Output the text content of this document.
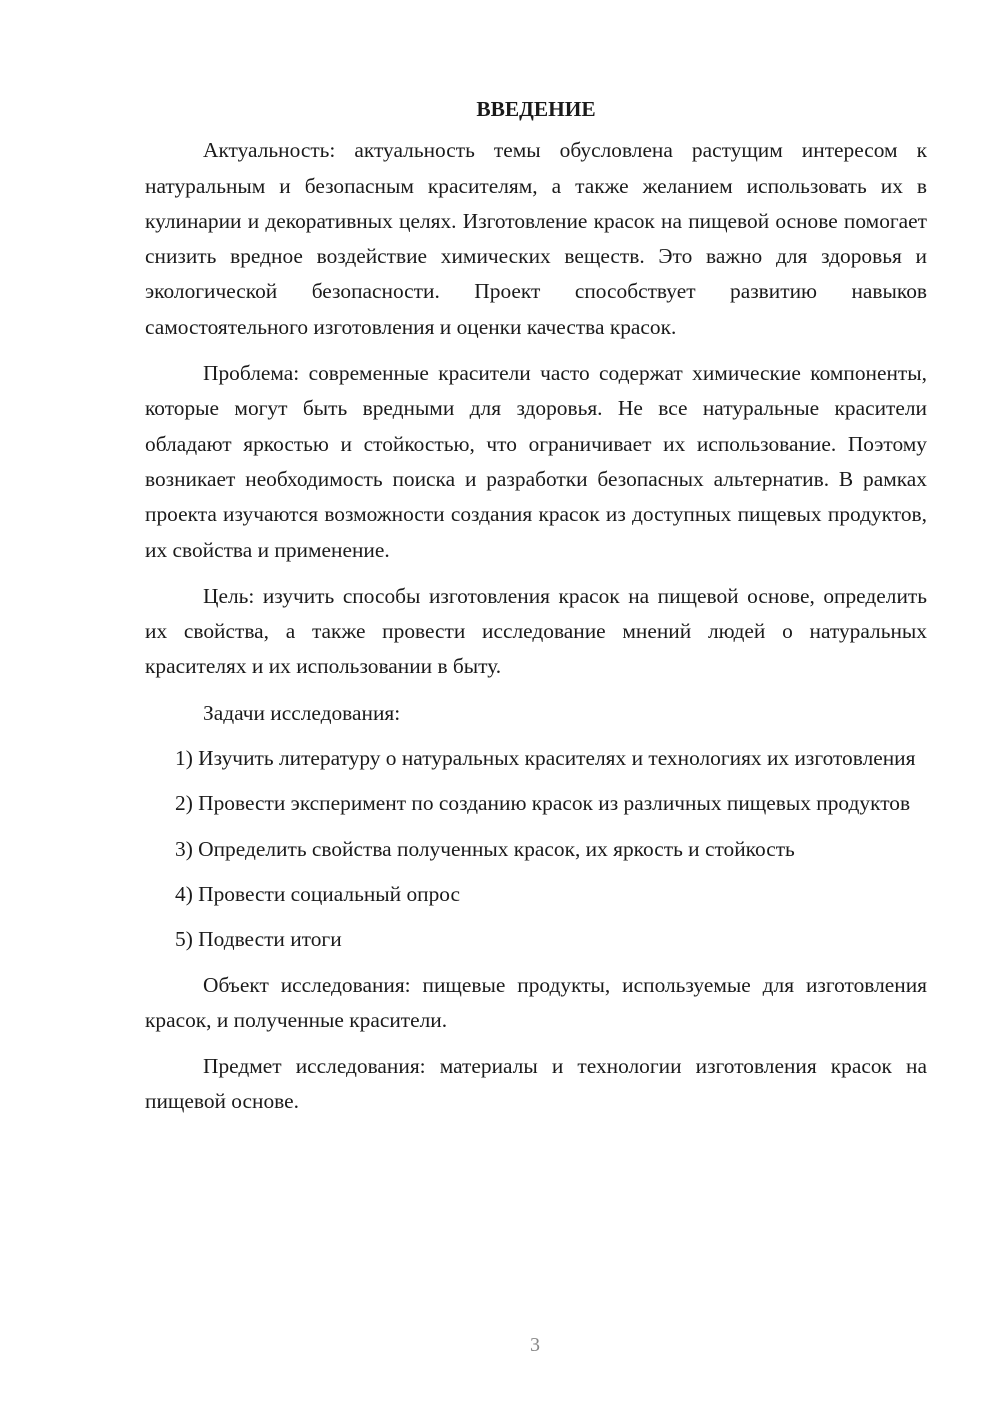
ВВЕДЕНИЕ

Актуальность: актуальность темы обусловлена растущим интересом к натуральным и безопасным красителям, а также желанием использовать их в кулинарии и декоративных целях. Изготовление красок на пищевой основе помогает снизить вредное воздействие химических веществ. Это важно для здоровья и экологической безопасности. Проект способствует развитию навыков самостоятельного изготовления и оценки качества красок.

Проблема: современные красители часто содержат химические компоненты, которые могут быть вредными для здоровья. Не все натуральные красители обладают яркостью и стойкостью, что ограничивает их использование. Поэтому возникает необходимость поиска и разработки безопасных альтернатив. В рамках проекта изучаются возможности создания красок из доступных пищевых продуктов, их свойства и применение.

Цель: изучить способы изготовления красок на пищевой основе, определить их свойства, а также провести исследование мнений людей о натуральных красителях и их использовании в быту.

Задачи исследования:

1) Изучить литературу о натуральных красителях и технологиях их изготовления

2) Провести эксперимент по созданию красок из различных пищевых продуктов

3) Определить свойства полученных красок, их яркость и стойкость

4) Провести социальный опрос

5) Подвести итоги

Объект исследования: пищевые продукты, используемые для изготовления красок, и полученные красители.

Предмет исследования: материалы и технологии изготовления красок на пищевой основе.

3
